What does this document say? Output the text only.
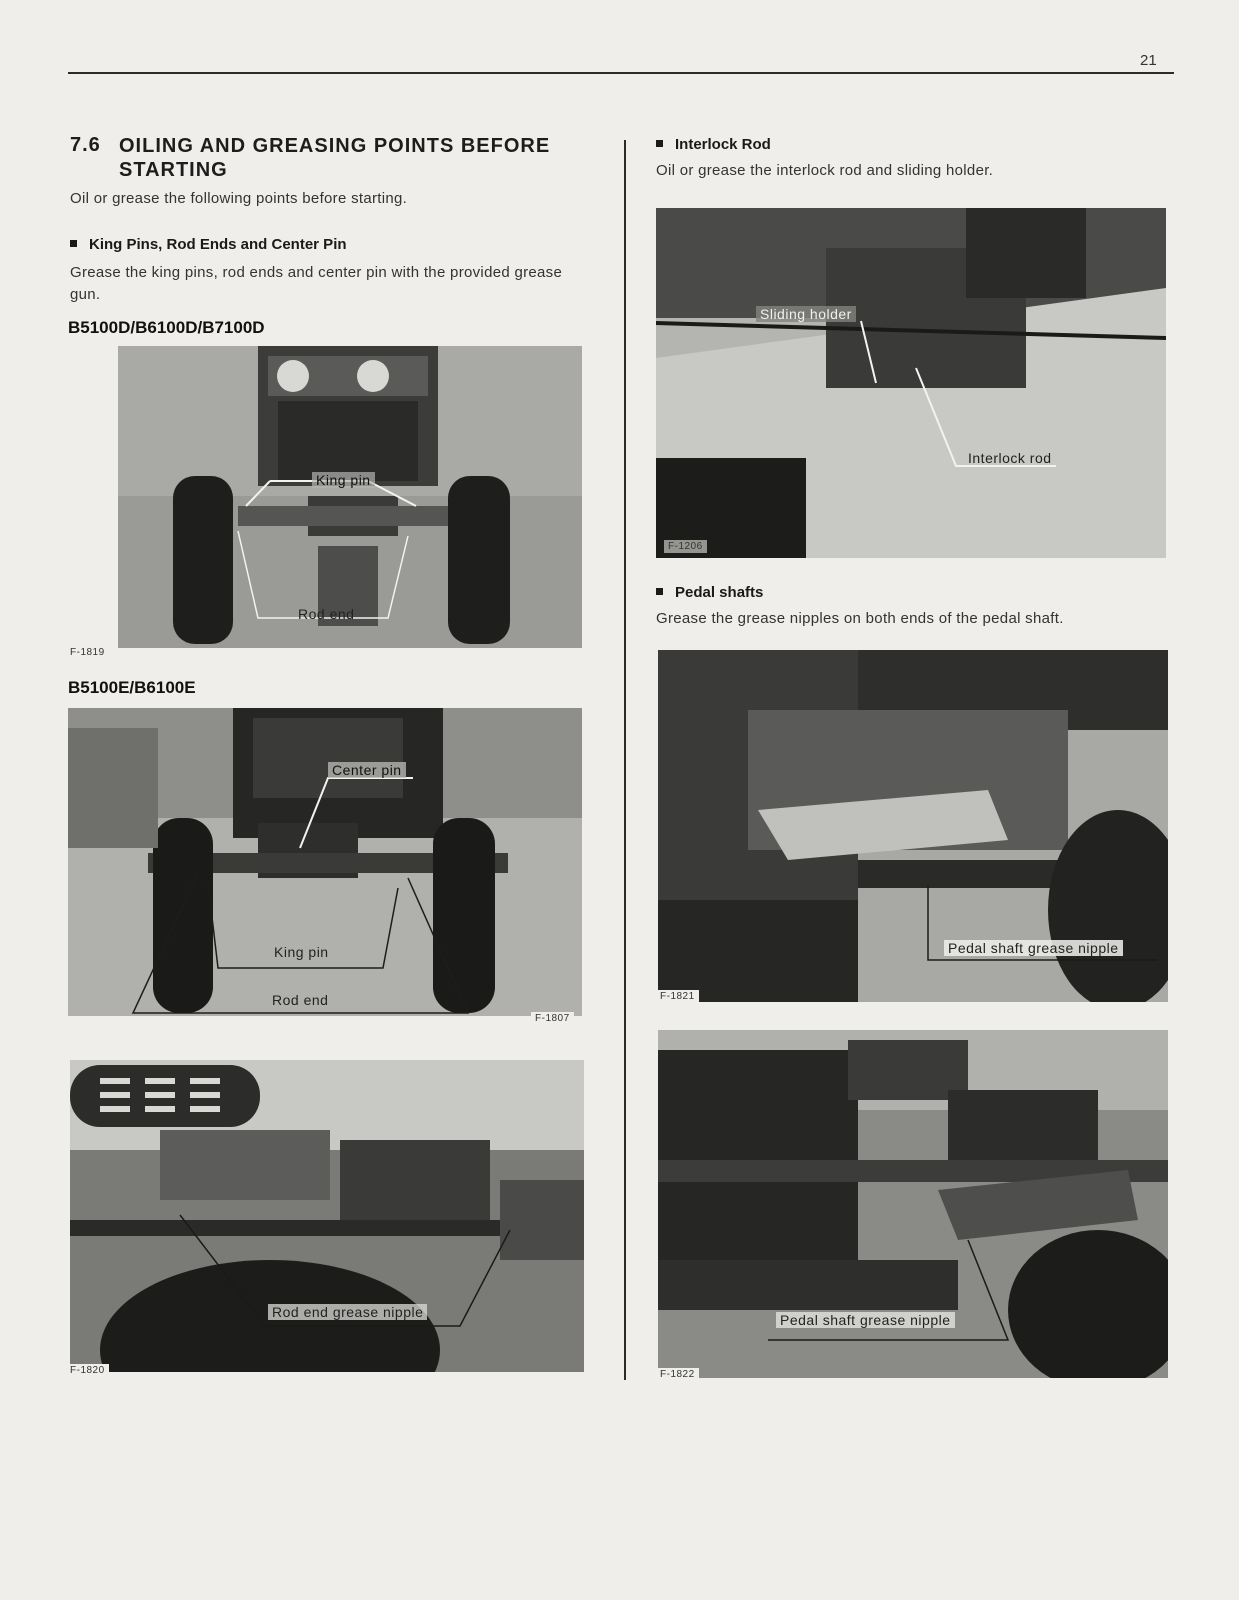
21
7.6 OILING AND GREASING POINTS BEFORE STARTING
Oil or grease the following points before starting.
King Pins, Rod Ends and Center Pin
Grease the king pins, rod ends and center pin with the provided grease gun.
B5100D/B6100D/B7100D
King pin
Rod end
F-1819
B5100E/B6100E
Center pin
King pin
Rod end
F-1807
Rod end grease nipple
F-1820
Interlock Rod
Oil or grease the interlock rod and sliding holder.
Sliding holder
Interlock rod
F-1206
Pedal shafts
Grease the grease nipples on both ends of the pedal shaft.
Pedal shaft grease nipple
F-1821
Pedal shaft grease nipple
F-1822
